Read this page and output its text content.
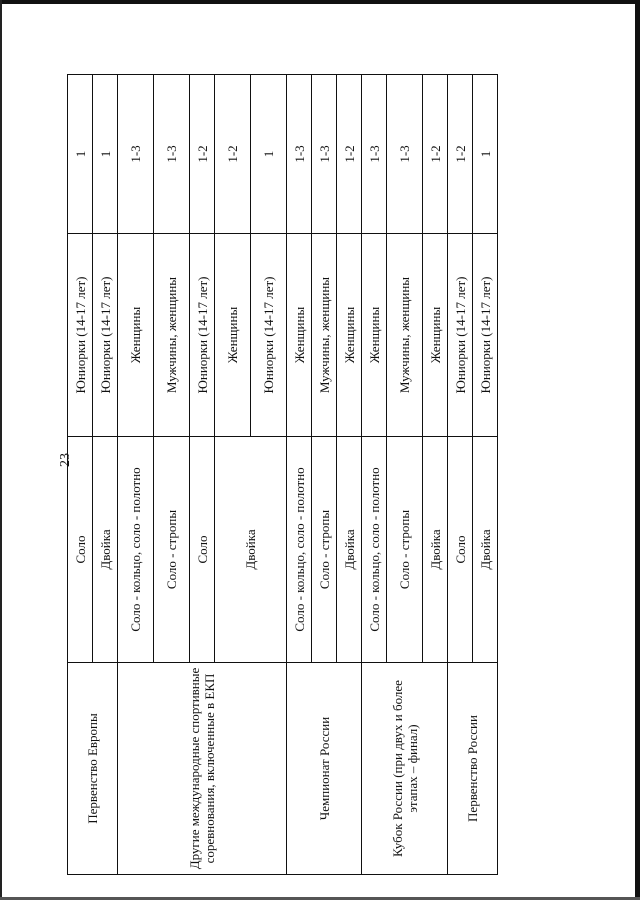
23
Первенство Европы	Соло	Юниорки (14-17 лет)	1
	Двойка	Юниорки (14-17 лет)	1
Другие международные спортивные соревнования, включенные в ЕКП	Соло - кольцо, соло - полотно	Женщины	1-3
	Соло - стропы	Мужчины, женщины	1-3
	Соло	Юниорки (14-17 лет)	1-2
	Двойка	Женщины	1-2
		Юниорки (14-17 лет)	1
Чемпионат России	Соло - кольцо, соло - полотно	Женщины	1-3
	Соло - стропы	Мужчины, женщины	1-3
	Двойка	Женщины	1-2
Кубок России (при двух и более этапах – финал)	Соло - кольцо, соло - полотно	Женщины	1-3
	Соло - стропы	Мужчины, женщины	1-3
	Двойка	Женщины	1-2
Первенство России	Соло	Юниорки (14-17 лет)	1-2
	Двойка	Юниорки (14-17 лет)	1
